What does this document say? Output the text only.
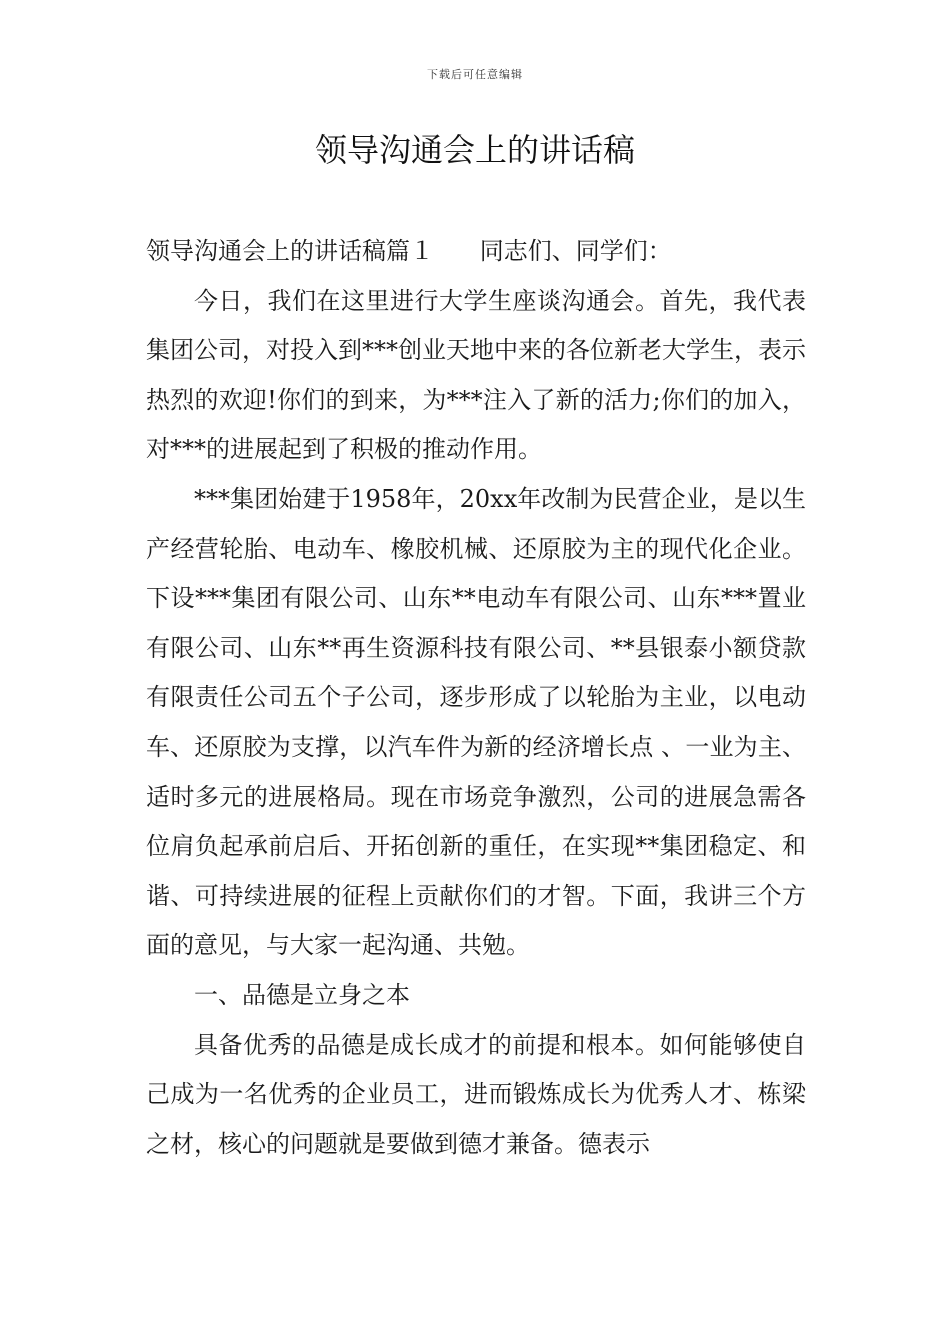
下载后可任意编辑
领导沟通会上的讲话稿

领导沟通会上的讲话稿篇１ 同志们、同学们：

今日，我们在这里进行大学生座谈沟通会。首先，我代表集团公司，对投入到***创业天地中来的各位新老大学生，表示热烈的欢迎!你们的到来，为***注入了新的活力;你们的加入，对***的进展起到了积极的推动作用。

***集团始建于1958年，20xx年改制为民营企业，是以生产经营轮胎、电动车、橡胶机械、还原胶为主的现代化企业。下设***集团有限公司、山东**电动车有限公司、山东***置业有限公司、山东**再生资源科技有限公司、**县银泰小额贷款有限责任公司五个子公司，逐步形成了以轮胎为主业，以电动车、还原胶为支撑，以汽车件为新的经济增长点 、一业为主、适时多元的进展格局。现在市场竞争激烈，公司的进展急需各位肩负起承前启后、开拓创新的重任，在实现**集团稳定、和谐、可持续进展的征程上贡献你们的才智。下面，我讲三个方面的意见，与大家一起沟通、共勉。

一、品德是立身之本

具备优秀的品德是成长成才的前提和根本。如何能够使自己成为一名优秀的企业员工，进而锻炼成长为优秀人才、栋梁之材，核心的问题就是要做到德才兼备。德表示
